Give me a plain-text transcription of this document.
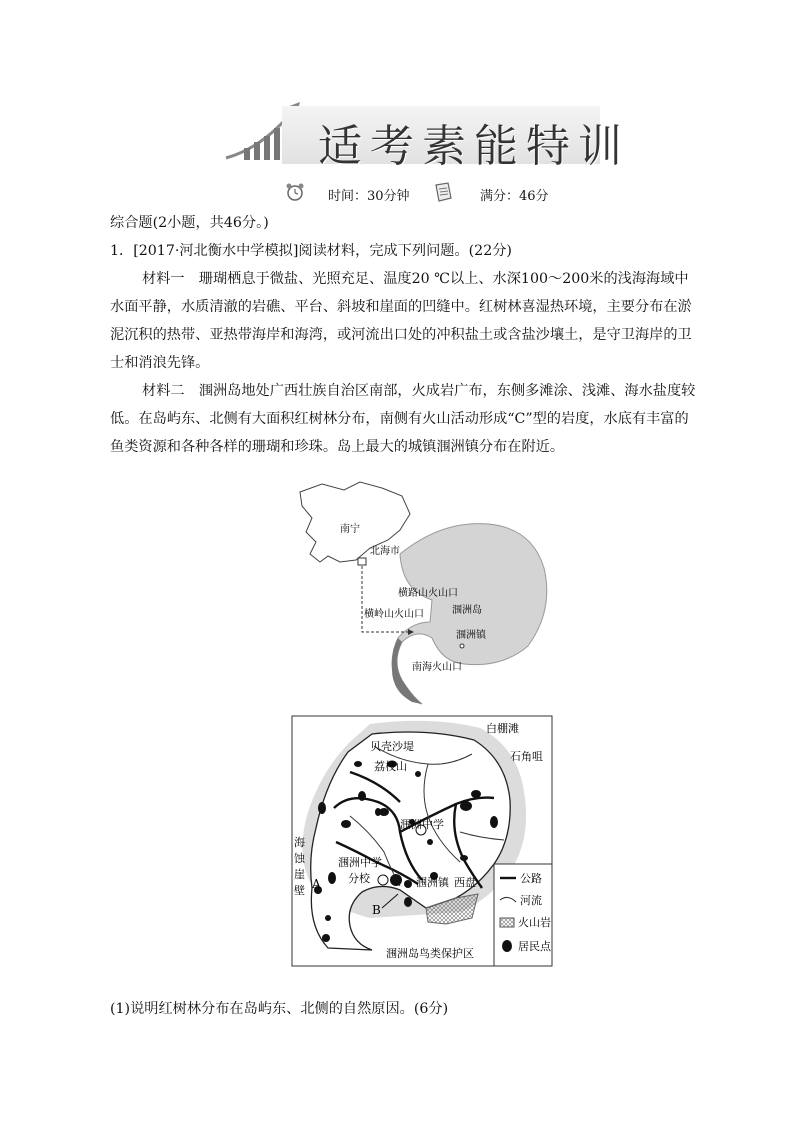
适考素能特训
时间：30分钟	满分：46分
综合题(2小题，共46分。)
1．[2017·河北衡水中学模拟]阅读材料，完成下列问题。(22分)
材料一　珊瑚栖息于微盐、光照充足、温度20 ℃以上、水深100～200米的浅海海域中水面平静，水质清澈的岩礁、平台、斜坡和崖面的凹缝中。红树林喜湿热环境，主要分布在淤泥沉积的热带、亚热带海岸和海湾，或河流出口处的冲积盐土或含盐沙壤土，是守卫海岸的卫士和消浪先锋。
材料二　涠洲岛地处广西壮族自治区南部，火成岩广布，东侧多滩涂、浅滩、海水盐度较低。在岛屿东、北侧有大面积红树林分布，南侧有火山活动形成“C”型的岩度，水底有丰富的鱼类资源和各种各样的珊瑚和珍珠。岛上最大的城镇涠洲镇分布在附近。
南宁
北海市
横路山火山口
横岭山火山口	涠洲岛
涠洲镇
南海火山口
白棚滩
贝壳沙堤
石角咀
荔枝山
涠洲中学
涠洲中学
分校	涠洲镇 西盘
海
蚀
崖
壁 A
B
涠洲岛鸟类保护区
公路
河流
火山岩
居民点
(1)说明红树林分布在岛屿东、北侧的自然原因。(6分)
